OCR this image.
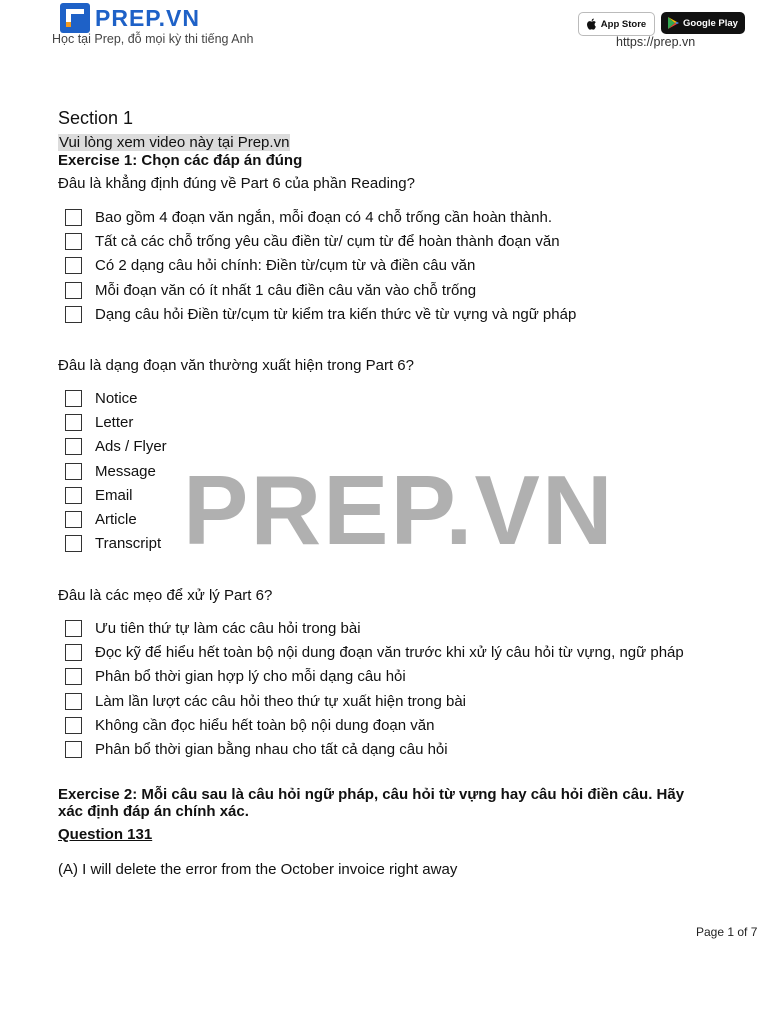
PREP.VN
Học tại Prep, đỗ mọi kỳ thi tiếng Anh
App Store	Google Play
https://prep.vn
Section 1
Vui lòng xem video này tại Prep.vn
Exercise 1: Chọn các đáp án đúng
Đâu là khẳng định đúng về Part 6 của phần Reading?
Bao gồm 4 đoạn văn ngắn, mỗi đoạn có 4 chỗ trống cần hoàn thành.
Tất cả các chỗ trống yêu cầu điền từ/ cụm từ để hoàn thành đoạn văn
Có 2 dạng câu hỏi chính: Điền từ/cụm từ và điền câu văn
Mỗi đoạn văn có ít nhất 1 câu điền câu văn vào chỗ trống
Dạng câu hỏi Điền từ/cụm từ kiểm tra kiến thức về từ vựng và ngữ pháp
Đâu là dạng đoạn văn thường xuất hiện trong Part 6?
Notice
Letter
Ads / Flyer
Message
Email
Article
Transcript
Đâu là các mẹo để xử lý Part 6?
Ưu tiên thứ tự làm các câu hỏi trong bài
Đọc kỹ để hiểu hết toàn bộ nội dung đoạn văn trước khi xử lý câu hỏi từ vựng, ngữ pháp
Phân bổ thời gian hợp lý cho mỗi dạng câu hỏi
Làm lần lượt các câu hỏi theo thứ tự xuất hiện trong bài
Không cần đọc hiểu hết toàn bộ nội dung đoạn văn
Phân bổ thời gian bằng nhau cho tất cả dạng câu hỏi
Exercise 2: Mỗi câu sau là câu hỏi ngữ pháp, câu hỏi từ vựng hay câu hỏi điền câu. Hãy xác định đáp án chính xác.
Question 131
(A) I will delete the error from the October invoice right away
PREP.VN
Page 1 of 7
